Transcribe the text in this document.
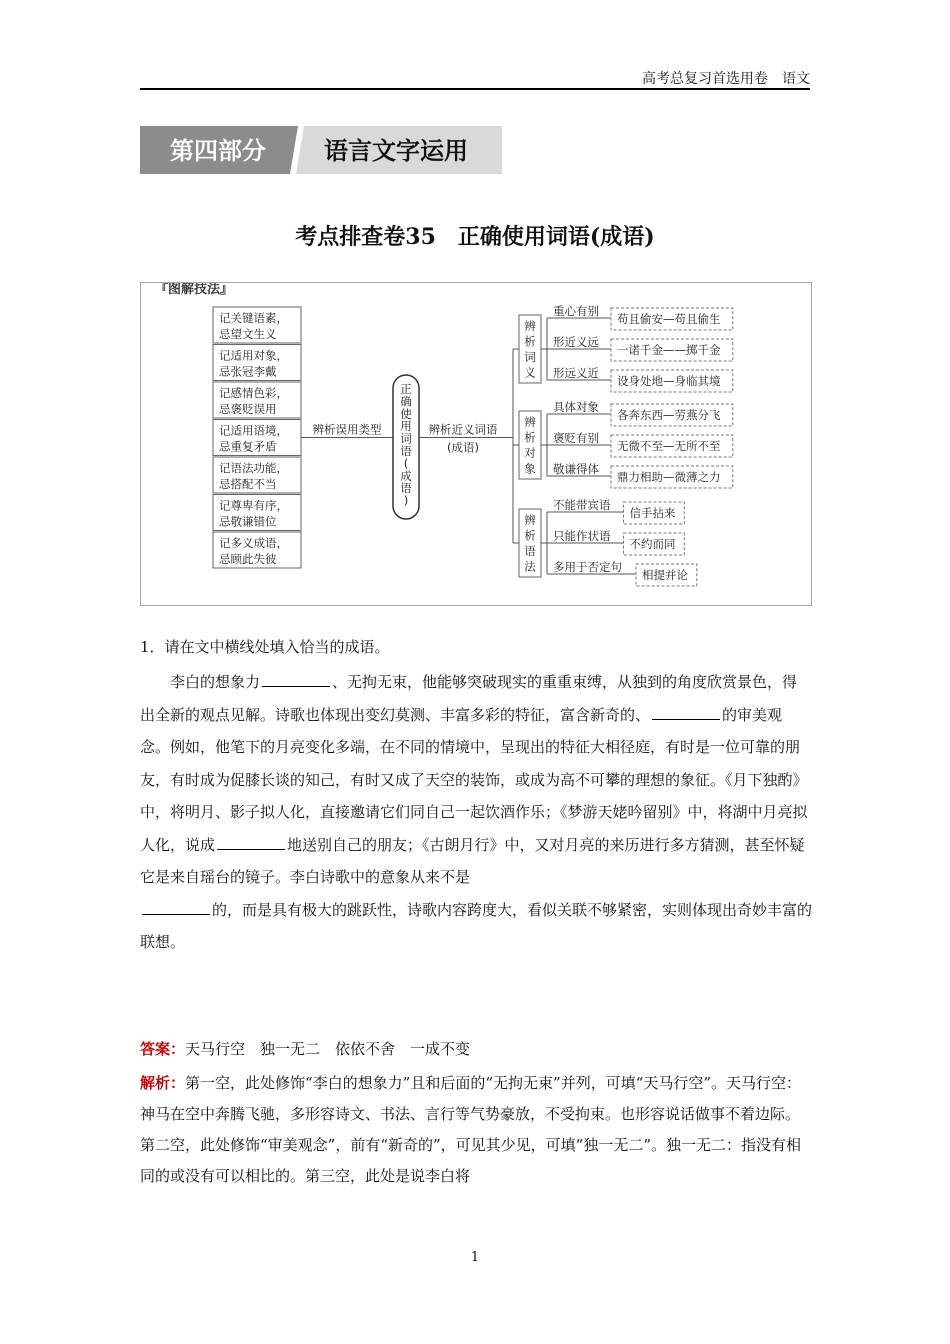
高考总复习首选用卷　语文
第四部分 语言文字运用
考点排查卷35　正确使用词语(成语)
『图解技法』
记关键语素，
忌望文生义
记适用对象，
忌张冠李戴
记感情色彩，
忌褒贬误用
记适用语境，
忌重复矛盾
记语法功能，
忌搭配不当
记尊卑有序，
忌敬谦错位
记多义成语，
忌顾此失彼
辨析误用类型
正
确
使
用
词
语
(
成
语
)
辨析近义词语
(成语)
辨
析
词
义
重心有别
苟且偷安—苟且偷生
形近义远
一诺千金——掷千金
形远义近
设身处地—身临其境
辨
析
对
象
具体对象
各奔东西—劳燕分飞
褒贬有别
无微不至—无所不至
敬谦得体
鼎力相助—微薄之力
辨
析
语
法
不能带宾语
信手拈来
只能作状语
不约而同
多用于否定句
相提并论
1．请在文中横线处填入恰当的成语。
李白的想象力	、无拘无束，他能够突破现实的重重束缚，从独到的角度欣赏景色，得出全新的观点见解。诗歌也体现出变幻莫测、丰富多彩的特征，富含新奇的、	的审美观念。例如，他笔下的月亮变化多端，在不同的情境中，呈现出的特征大相径庭，有时是一位可靠的朋友，有时成为促膝长谈的知己，有时又成了天空的装饰，或成为高不可攀的理想的象征。《月下独酌》中，将明月、影子拟人化，直接邀请它们同自己一起饮酒作乐；《梦游天姥吟留别》中，将湖中月亮拟人化，说成	地送别自己的朋友；《古朗月行》中，又对月亮的来历进行多方猜测，甚至怀疑它是来自瑶台的镜子。李白诗歌中的意象从来不是
的，而是具有极大的跳跃性，诗歌内容跨度大，看似关联不够紧密，实则体现出奇妙丰富的联想。
答案：天马行空　独一无二　依依不舍　一成不变
解析：第一空，此处修饰“李白的想象力”且和后面的“无拘无束”并列，可填“天马行空”。天马行空：神马在空中奔腾飞驰，多形容诗文、书法、言行等气势豪放，不受拘束。也形容说话做事不着边际。第二空，此处修饰“审美观念”，前有“新奇的”，可见其少见，可填“独一无二”。独一无二：指没有相同的或没有可以相比的。第三空，此处是说李白将
1
